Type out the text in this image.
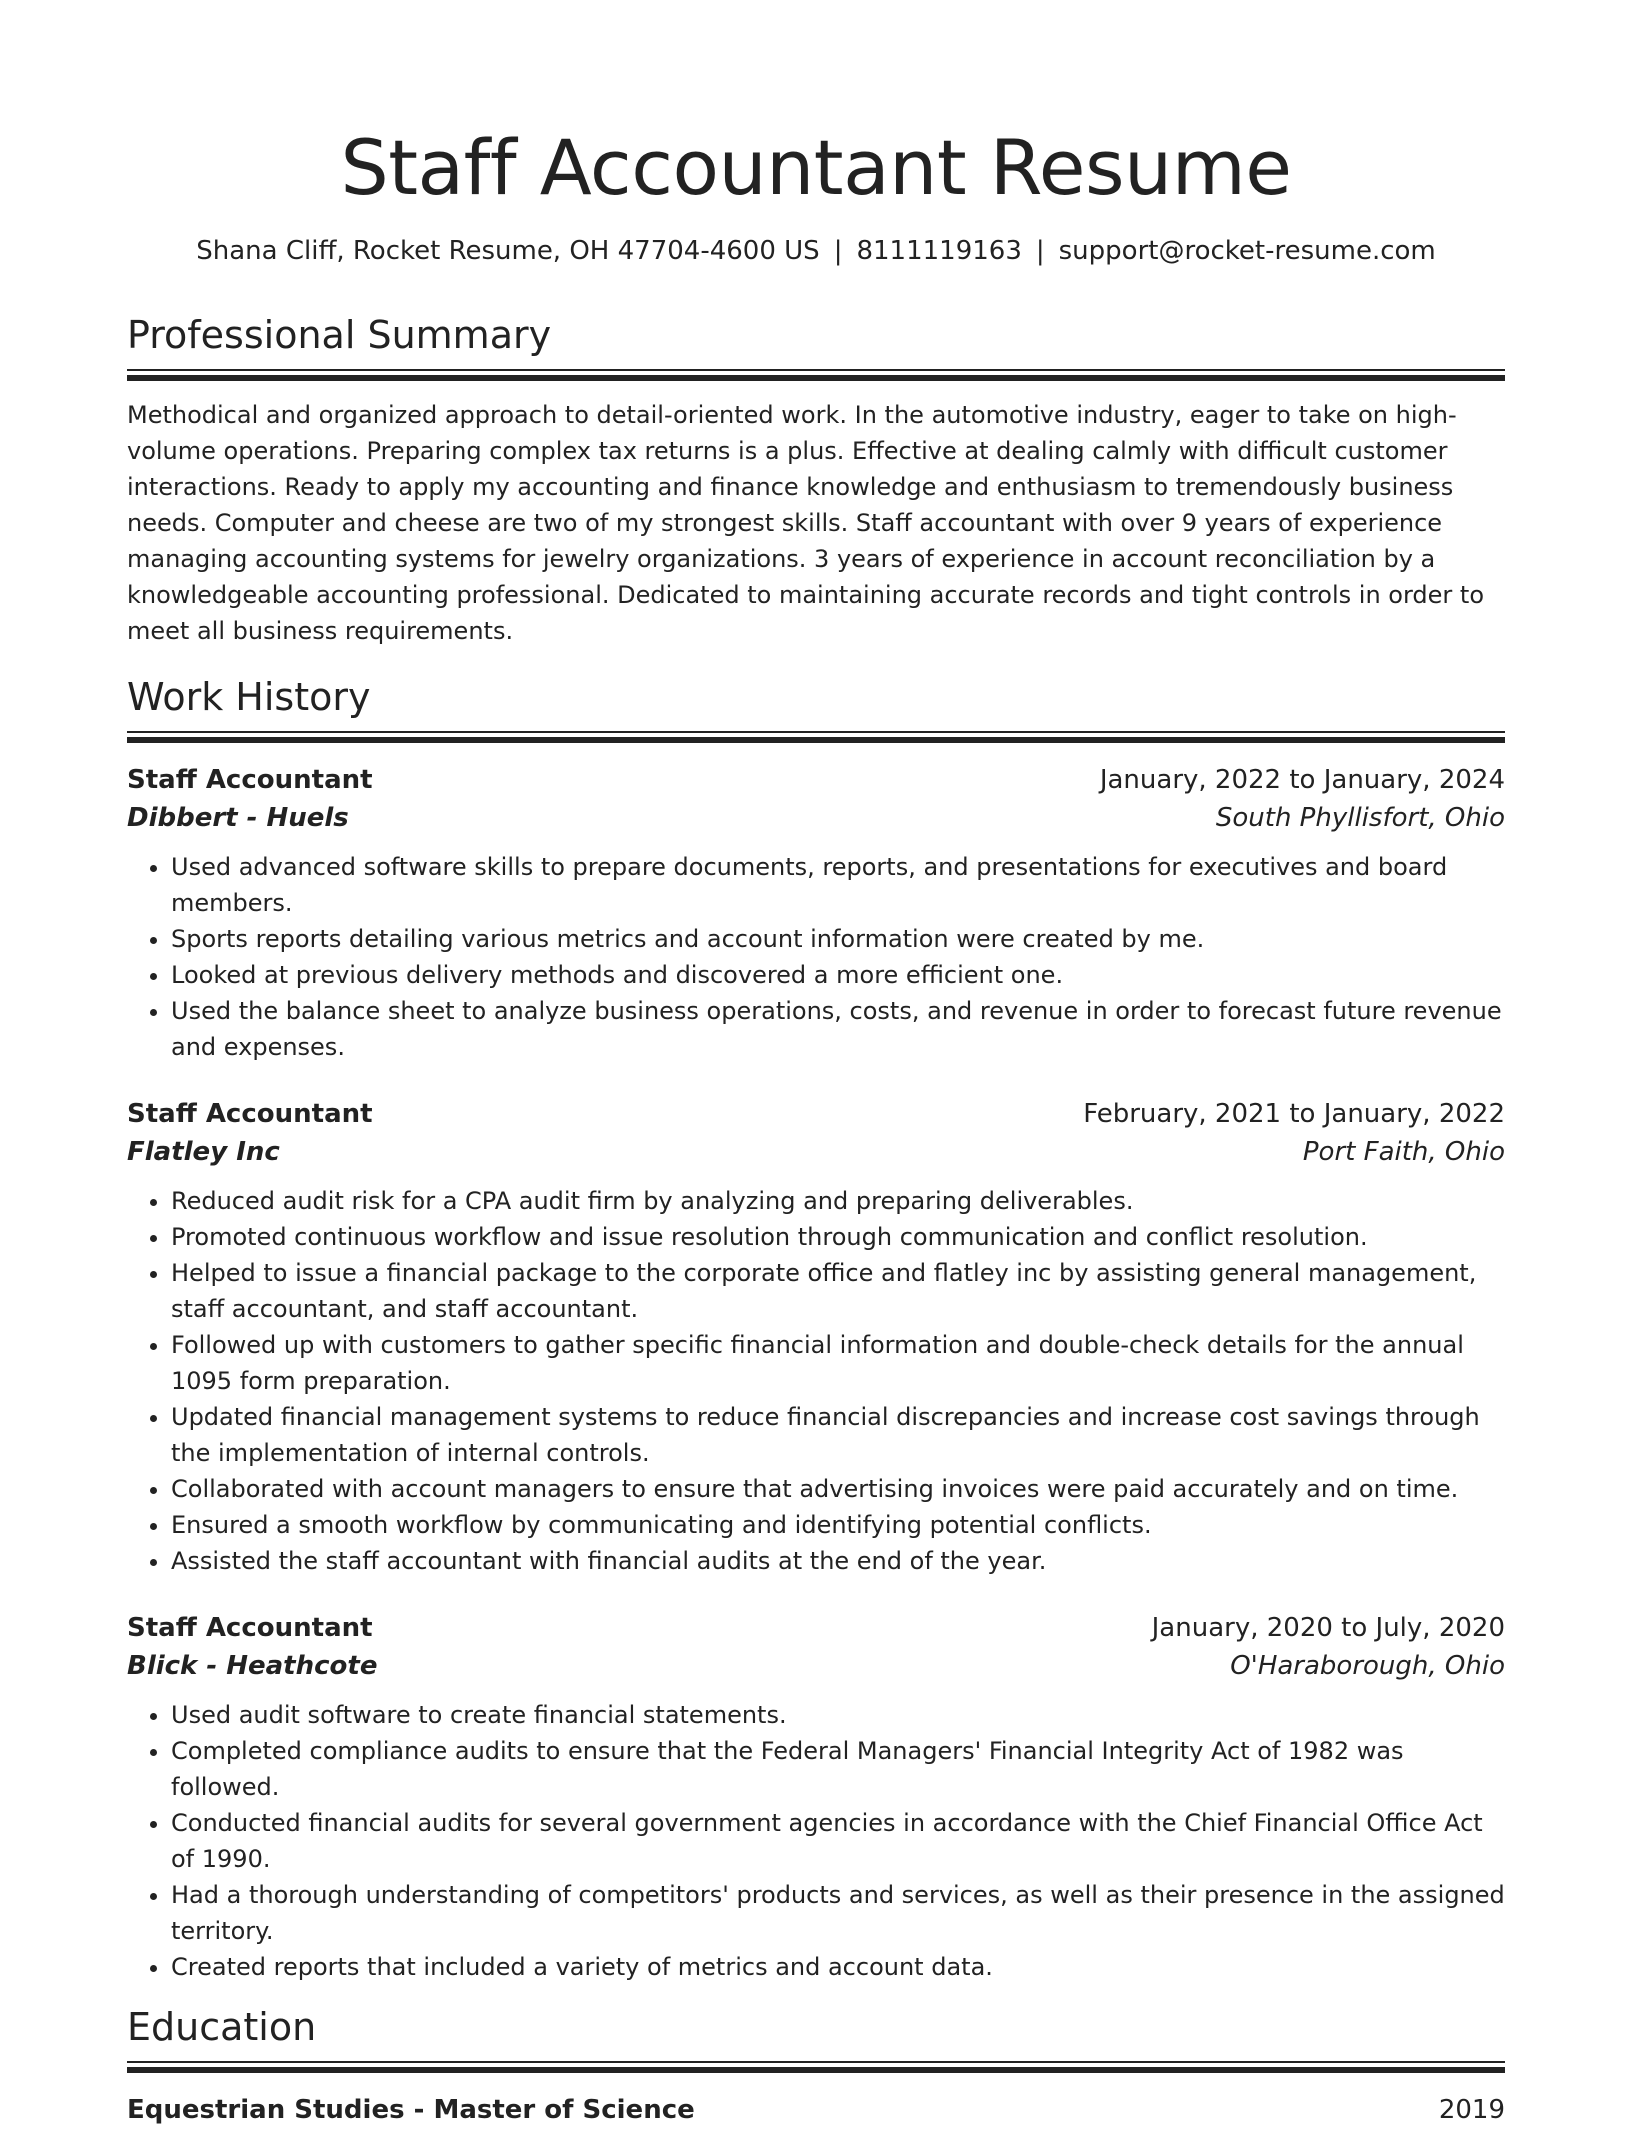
Staff Accountant Resume
Shana Cliff, Rocket Resume, OH 47704-4600 US | 8111119163 | support@rocket-resume.com
Professional Summary

Methodical and organized approach to detail-oriented work. In the automotive industry, eager to take on high-volume operations. Preparing complex tax returns is a plus. Effective at dealing calmly with difficult customer interactions. Ready to apply my accounting and finance knowledge and enthusiasm to tremendously business needs. Computer and cheese are two of my strongest skills. Staff accountant with over 9 years of experience managing accounting systems for jewelry organizations. 3 years of experience in account reconciliation by a knowledgeable accounting professional. Dedicated to maintaining accurate records and tight controls in order to meet all business requirements.

Work History
Staff Accountant	January, 2022 to January, 2024
Dibbert - Huels	South Phyllisfort, Ohio
• Used advanced software skills to prepare documents, reports, and presentations for executives and board members.
• Sports reports detailing various metrics and account information were created by me.
• Looked at previous delivery methods and discovered a more efficient one.
• Used the balance sheet to analyze business operations, costs, and revenue in order to forecast future revenue and expenses.
Staff Accountant	February, 2021 to January, 2022
Flatley Inc	Port Faith, Ohio
• Reduced audit risk for a CPA audit firm by analyzing and preparing deliverables.
• Promoted continuous workflow and issue resolution through communication and conflict resolution.
• Helped to issue a financial package to the corporate office and flatley inc by assisting general management, staff accountant, and staff accountant.
• Followed up with customers to gather specific financial information and double-check details for the annual 1095 form preparation.
• Updated financial management systems to reduce financial discrepancies and increase cost savings through the implementation of internal controls.
• Collaborated with account managers to ensure that advertising invoices were paid accurately and on time.
• Ensured a smooth workflow by communicating and identifying potential conflicts.
• Assisted the staff accountant with financial audits at the end of the year.
Staff Accountant	January, 2020 to July, 2020
Blick - Heathcote	O'Haraborough, Ohio
• Used audit software to create financial statements.
• Completed compliance audits to ensure that the Federal Managers' Financial Integrity Act of 1982 was followed.
• Conducted financial audits for several government agencies in accordance with the Chief Financial Office Act of 1990.
• Had a thorough understanding of competitors' products and services, as well as their presence in the assigned territory.
• Created reports that included a variety of metrics and account data.
Education
Equestrian Studies - Master of Science	2019
